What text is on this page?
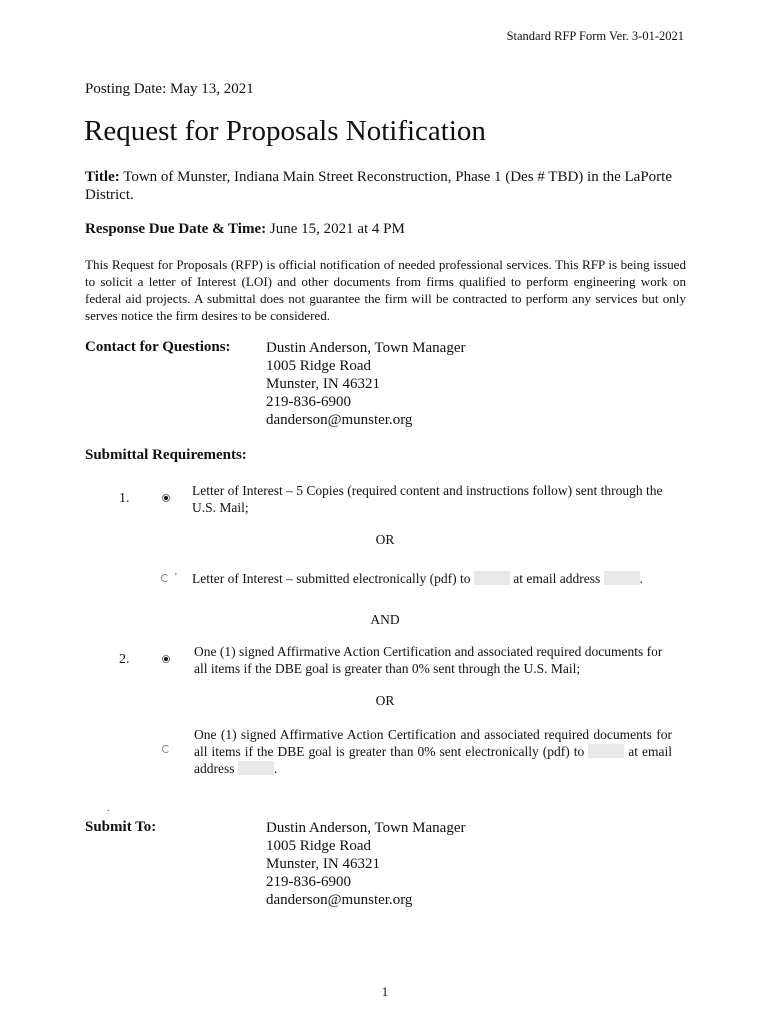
Standard RFP Form Ver. 3-01-2021
Posting Date: May 13, 2021
Request for Proposals Notification
Title: Town of Munster, Indiana Main Street Reconstruction, Phase 1 (Des # TBD) in the LaPorte District.
Response Due Date & Time: June 15, 2021 at 4 PM
This Request for Proposals (RFP) is official notification of needed professional services. This RFP is being issued to solicit a letter of Interest (LOI) and other documents from firms qualified to perform engineering work on federal aid projects. A submittal does not guarantee the firm will be contracted to perform any services but only serves notice the firm desires to be considered.
Contact for Questions: Dustin Anderson, Town Manager
1005 Ridge Road
Munster, IN 46321
219-836-6900
danderson@munster.org
Submittal Requirements:
1.
Letter of Interest – 5 Copies (required content and instructions follow) sent through the U.S. Mail;
OR
' Letter of Interest – submitted electronically (pdf) to	at email address	.
AND
2.
One (1) signed Affirmative Action Certification and associated required documents for all items if the DBE goal is greater than 0% sent through the U.S. Mail;
OR
One (1) signed Affirmative Action Certification and associated required documents for all items if the DBE goal is greater than 0% sent electronically (pdf) to	at email address	.
.
Submit To:	Dustin Anderson, Town Manager
1005 Ridge Road
Munster, IN 46321
219-836-6900
danderson@munster.org
1
